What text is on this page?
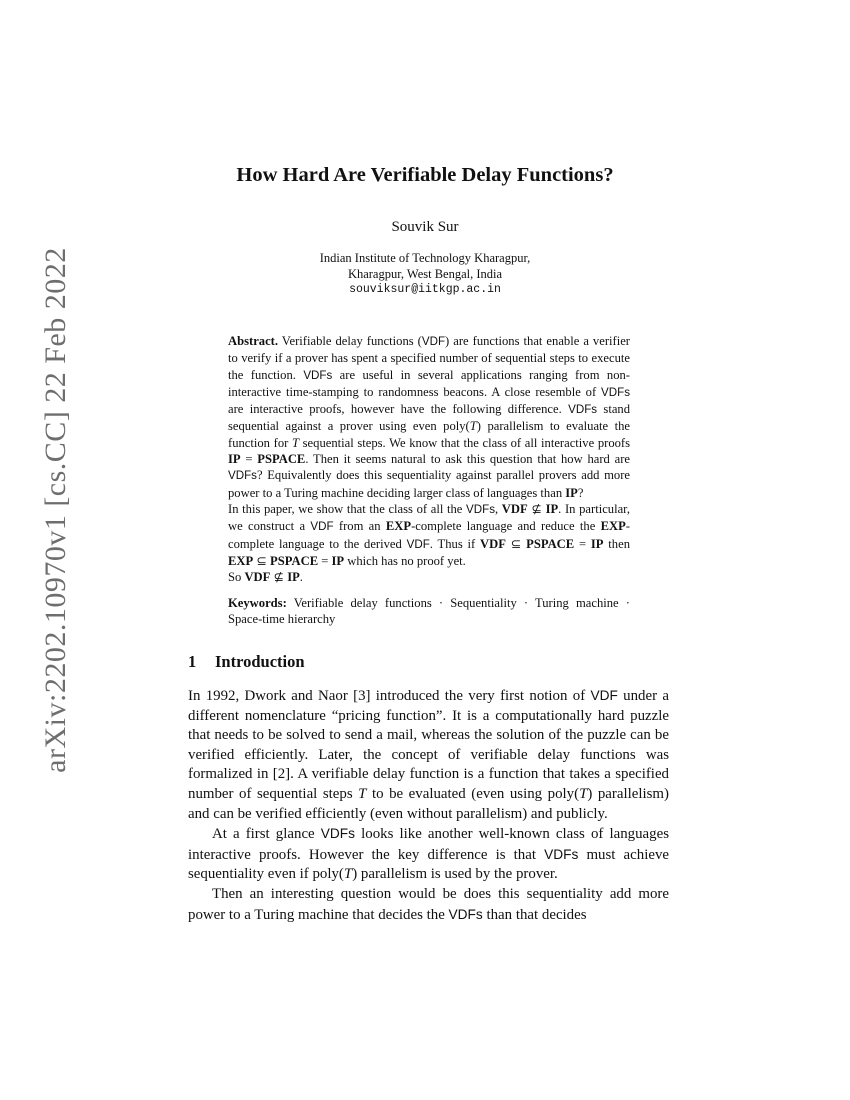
arXiv:2202.10970v1 [cs.CC] 22 Feb 2022
How Hard Are Verifiable Delay Functions?
Souvik Sur
Indian Institute of Technology Kharagpur,
Kharagpur, West Bengal, India
souviksur@iitkgp.ac.in

Abstract. Verifiable delay functions (VDF) are functions that enable a verifier to verify if a prover has spent a specified number of sequential steps to execute the function. VDFs are useful in several applications ranging from non-interactive time-stamping to randomness beacons. A close resemble of VDFs are interactive proofs, however have the following difference. VDFs stand sequential against a prover using even poly(T) parallelism to evaluate the function for T sequential steps. We know that the class of all interactive proofs IP = PSPACE. Then it seems natural to ask this question that how hard are VDFs? Equivalently does this sequentiality against parallel provers add more power to a Turing machine deciding larger class of languages than IP?

In this paper, we show that the class of all the VDFs, VDF ⊈ IP. In particular, we construct a VDF from an EXP-complete language and reduce the EXP-complete language to the derived VDF. Thus if VDF ⊆ PSPACE = IP then EXP ⊆ PSPACE = IP which has no proof yet.

So VDF ⊈ IP.

Keywords: Verifiable delay functions · Sequentiality · Turing machine · Space-time hierarchy
1 Introduction

In 1992, Dwork and Naor [3] introduced the very first notion of VDF under a different nomenclature “pricing function”. It is a computationally hard puzzle that needs to be solved to send a mail, whereas the solution of the puzzle can be verified efficiently. Later, the concept of verifiable delay functions was formalized in [2]. A verifiable delay function is a function that takes a specified number of sequential steps T to be evaluated (even using poly(T) parallelism) and can be verified efficiently (even without parallelism) and publicly.

At a first glance VDFs looks like another well-known class of languages interactive proofs. However the key difference is that VDFs must achieve sequentiality even if poly(T) parallelism is used by the prover.

Then an interesting question would be does this sequentiality add more power to a Turing machine that decides the VDFs than that decides
